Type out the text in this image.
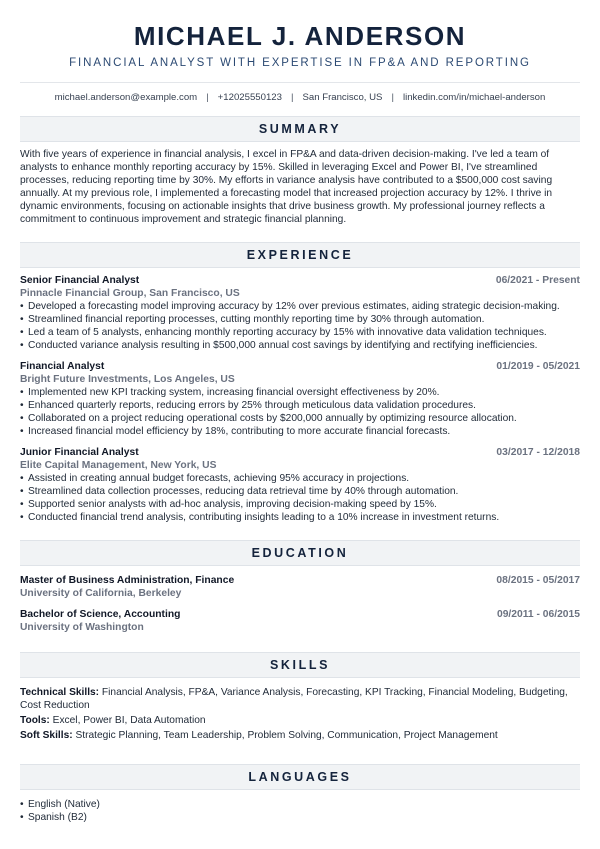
MICHAEL J. ANDERSON
FINANCIAL ANALYST WITH EXPERTISE IN FP&A AND REPORTING
michael.anderson@example.com | +12025550123 | San Francisco, US | linkedin.com/in/michael-anderson
SUMMARY
With five years of experience in financial analysis, I excel in FP&A and data-driven decision-making. I've led a team of analysts to enhance monthly reporting accuracy by 15%. Skilled in leveraging Excel and Power BI, I've streamlined processes, reducing reporting time by 30%. My efforts in variance analysis have contributed to a $500,000 cost saving annually. At my previous role, I implemented a forecasting model that increased projection accuracy by 12%. I thrive in dynamic environments, focusing on actionable insights that drive business growth. My professional journey reflects a commitment to continuous improvement and strategic financial planning.
EXPERIENCE
Senior Financial Analyst	06/2021 - Present
Pinnacle Financial Group, San Francisco, US
• Developed a forecasting model improving accuracy by 12% over previous estimates, aiding strategic decision-making.
• Streamlined financial reporting processes, cutting monthly reporting time by 30% through automation.
• Led a team of 5 analysts, enhancing monthly reporting accuracy by 15% with innovative data validation techniques.
• Conducted variance analysis resulting in $500,000 annual cost savings by identifying and rectifying inefficiencies.
Financial Analyst	01/2019 - 05/2021
Bright Future Investments, Los Angeles, US
• Implemented new KPI tracking system, increasing financial oversight effectiveness by 20%.
• Enhanced quarterly reports, reducing errors by 25% through meticulous data validation procedures.
• Collaborated on a project reducing operational costs by $200,000 annually by optimizing resource allocation.
• Increased financial model efficiency by 18%, contributing to more accurate financial forecasts.
Junior Financial Analyst	03/2017 - 12/2018
Elite Capital Management, New York, US
• Assisted in creating annual budget forecasts, achieving 95% accuracy in projections.
• Streamlined data collection processes, reducing data retrieval time by 40% through automation.
• Supported senior analysts with ad-hoc analysis, improving decision-making speed by 15%.
• Conducted financial trend analysis, contributing insights leading to a 10% increase in investment returns.
EDUCATION
Master of Business Administration, Finance	08/2015 - 05/2017
University of California, Berkeley
Bachelor of Science, Accounting	09/2011 - 06/2015
University of Washington
SKILLS
Technical Skills: Financial Analysis, FP&A, Variance Analysis, Forecasting, KPI Tracking, Financial Modeling, Budgeting, Cost Reduction
Tools: Excel, Power BI, Data Automation
Soft Skills: Strategic Planning, Team Leadership, Problem Solving, Communication, Project Management
LANGUAGES
• English (Native)
• Spanish (B2)
